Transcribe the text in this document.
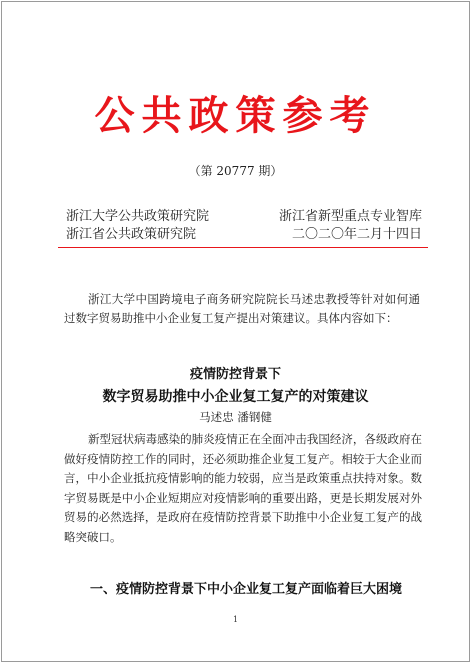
公共政策参考
（第 20777 期）
浙江大学公共政策研究院	浙江省新型重点专业智库
浙江省公共政策研究院	二〇二〇年二月十四日
浙江大学中国跨境电子商务研究院院长马述忠教授等针对如何通过数字贸易助推中小企业复工复产提出对策建议。具体内容如下：
疫情防控背景下
数字贸易助推中小企业复工复产的对策建议
马述忠 潘钢健

新型冠状病毒感染的肺炎疫情正在全面冲击我国经济，各级政府在做好疫情防控工作的同时，还必须助推企业复工复产。相较于大企业而言，中小企业抵抗疫情影响的能力较弱，应当是政策重点扶持对象。数字贸易既是中小企业短期应对疫情影响的重要出路，更是长期发展对外贸易的必然选择，是政府在疫情防控背景下助推中小企业复工复产的战略突破口。

一、疫情防控背景下中小企业复工复产面临着巨大困境
1
